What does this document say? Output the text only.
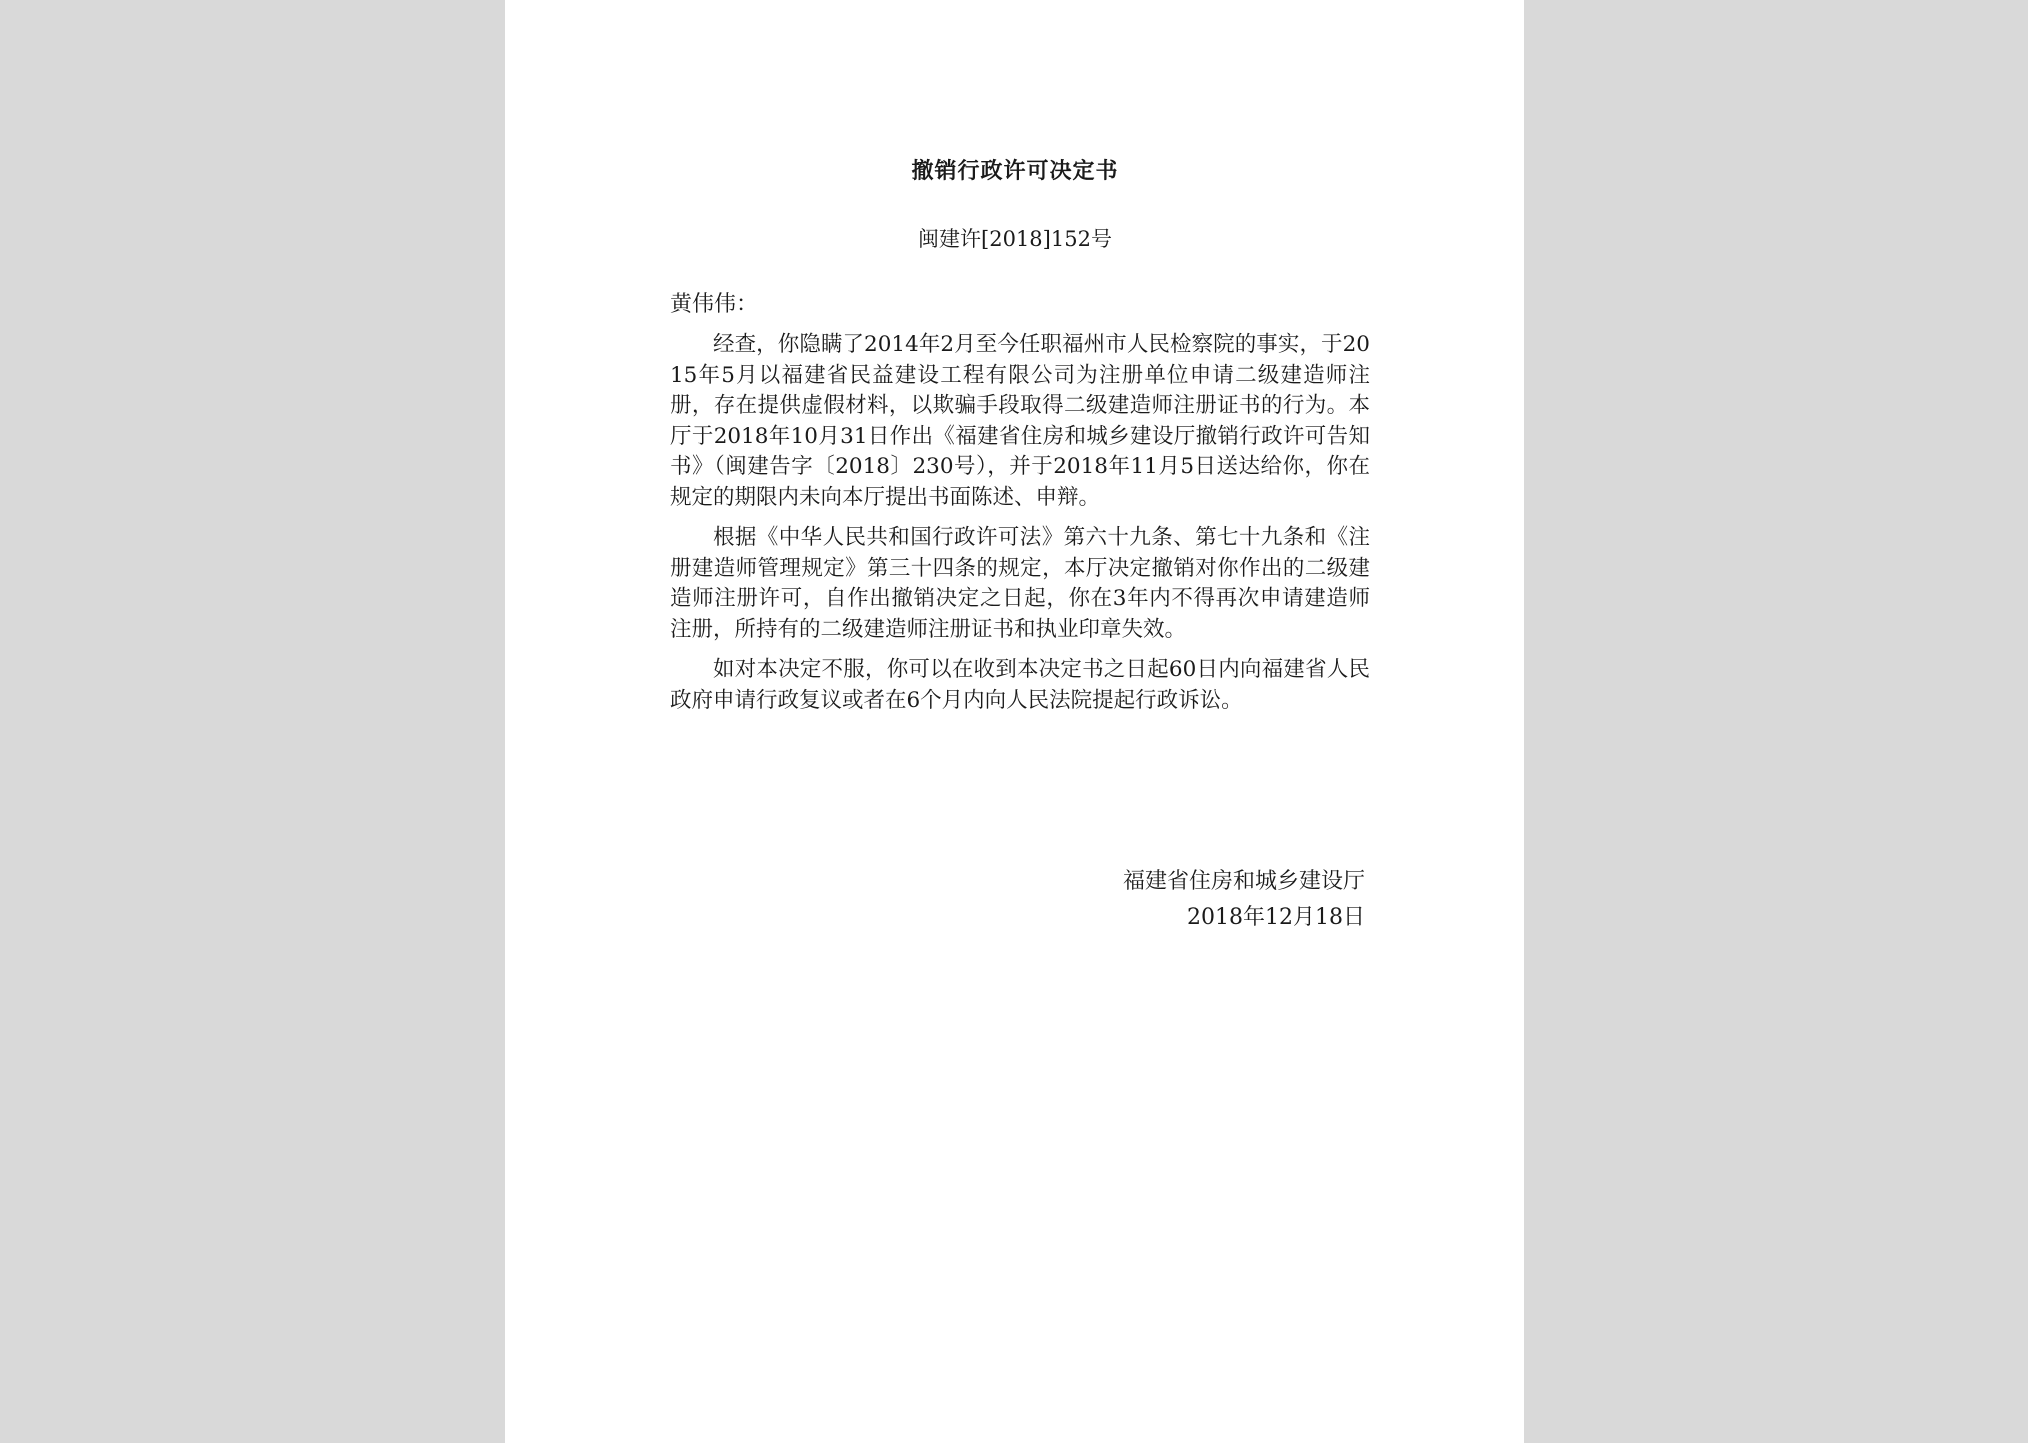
撤销行政许可决定书
闽建许[2018]152号
黄伟伟：

经查，你隐瞒了2014年2月至今任职福州市人民检察院的事实，于2015年5月以福建省民益建设工程有限公司为注册单位申请二级建造师注册，存在提供虚假材料，以欺骗手段取得二级建造师注册证书的行为。本厅于2018年10月31日作出《福建省住房和城乡建设厅撤销行政许可告知书》（闽建告字〔2018〕230号），并于2018年11月5日送达给你，你在规定的期限内未向本厅提出书面陈述、申辩。

根据《中华人民共和国行政许可法》第六十九条、第七十九条和《注册建造师管理规定》第三十四条的规定，本厅决定撤销对你作出的二级建造师注册许可，自作出撤销决定之日起，你在3年内不得再次申请建造师注册，所持有的二级建造师注册证书和执业印章失效。

如对本决定不服，你可以在收到本决定书之日起60日内向福建省人民政府申请行政复议或者在6个月内向人民法院提起行政诉讼。

福建省住房和城乡建设厅
2018年12月18日
